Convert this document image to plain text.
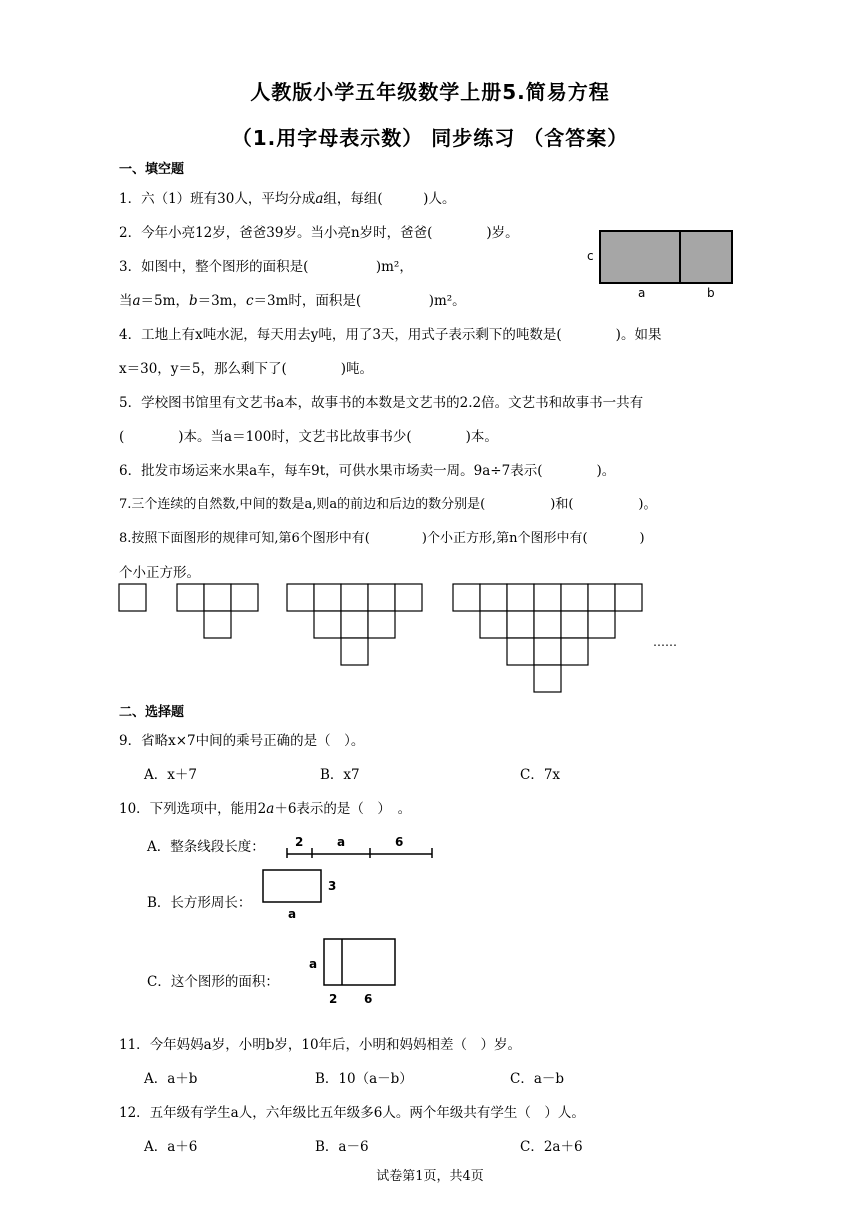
人教版小学五年级数学上册5.简易方程
（1.用字母表示数） 同步练习 （含答案）
一、填空题
1．六（1）班有30人，平均分成𝑎组，每组(　　　)人。
2．今年小亮12岁，爸爸39岁。当小亮n岁时，爸爸(　　　　)岁。
3．如图中，整个图形的面积是(　　　　　)m²，
当𝑎＝5m，𝑏＝3m，𝑐＝3m时，面积是(　　　　　)m²。
c
a	b
4．工地上有x吨水泥，每天用去y吨，用了3天，用式子表示剩下的吨数是(　　　　)。如果
x＝30，y＝5，那么剩下了(　　　　)吨。
5．学校图书馆里有文艺书a本，故事书的本数是文艺书的2.2倍。文艺书和故事书一共有
(　　　　)本。当a＝100时，文艺书比故事书少(　　　　)本。
6．批发市场运来水果a车，每车9t，可供水果市场卖一周。9a÷7表示(　　　　)。
7.三个连续的自然数,中间的数是a,则a的前边和后边的数分别是(　　　　　)和(　　　　　)。
8.按照下面图形的规律可知,第6个图形中有(　　　　)个小正方形,第n个图形中有(　　　　)
个小正方形。
……
二、选择题
9．省略x×7中间的乘号正确的是（　）。
A．x＋7	B．x7	C．7x
10．下列选项中，能用2𝑎＋6表示的是（　）　。
A．整条线段长度：	2	a	6
B．长方形周长：
3
a
C．这个图形的面积：
a
2 6
11．今年妈妈a岁，小明b岁，10年后，小明和妈妈相差（　）岁。
A．a＋b	B．10（a－b）	C．a－b
12．五年级有学生a人，六年级比五年级多6人。两个年级共有学生（　）人。
A．a＋6	B．a－6	C．2a＋6
试卷第1页，共4页
